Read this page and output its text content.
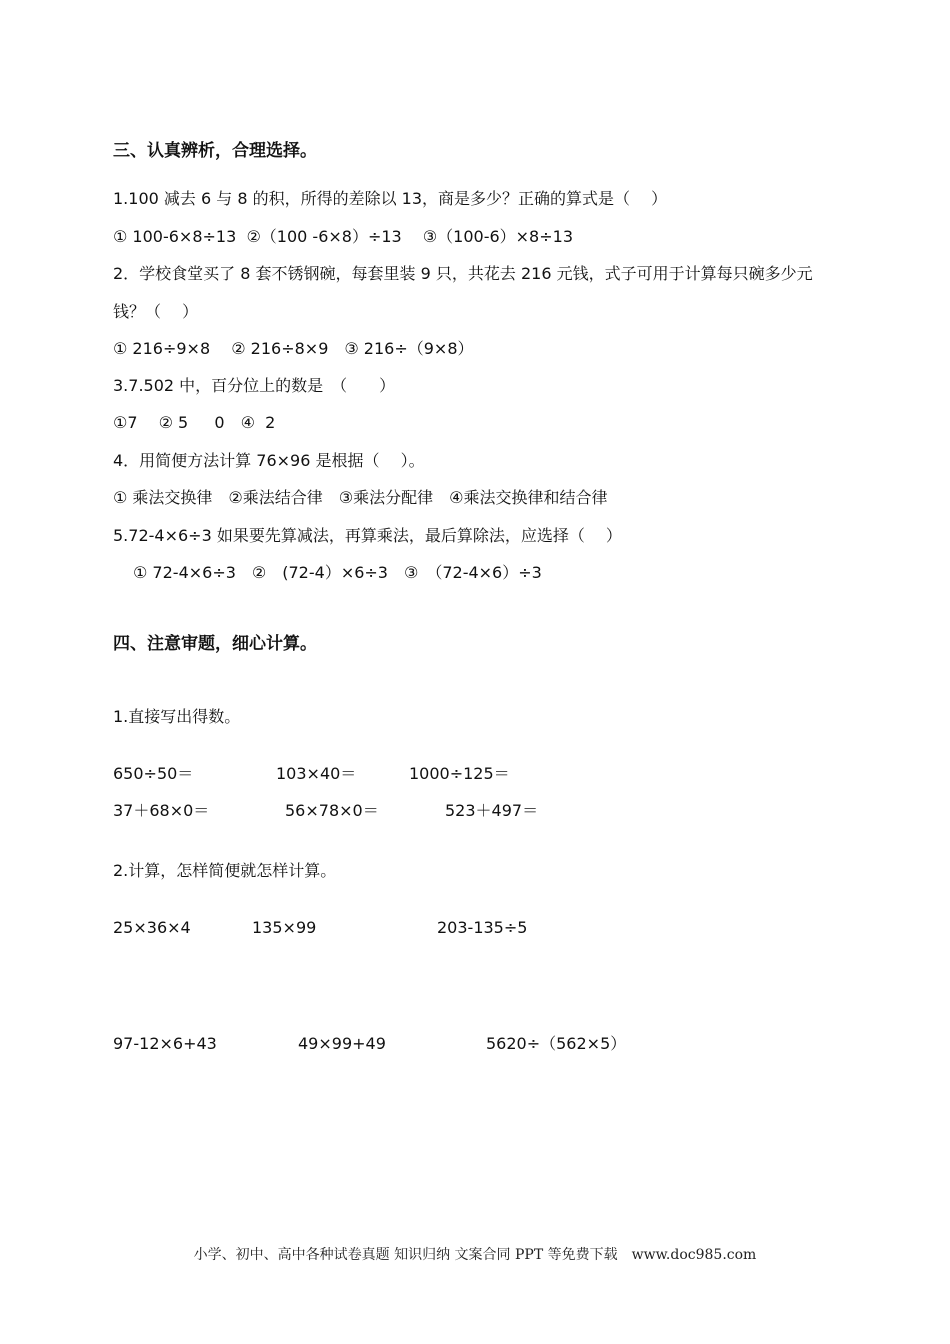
三、认真辨析，合理选择。
1.100 减去 6 与 8 的积，所得的差除以 13，商是多少？正确的算式是（　 ）
① 100-6×8÷13  ②（100 -6×8）÷13　 ③（100-6）×8÷13
2．学校食堂买了 8 套不锈钢碗，每套里装 9 只，共花去 216 元钱，式子可用于计算每只碗多少元
钱？（　 ）
① 216÷9×8　 ② 216÷8×9　③ 216÷（9×8）
3.7.502 中，百分位上的数是　（　　）
①7　 ② 5　  0　④  2
4．用简便方法计算 76×96 是根据（　 ）。
① 乘法交换律　②乘法结合律　③乘法分配律　④乘法交换律和结合律
5.72-4×6÷3 如果要先算减法，再算乘法，最后算除法，应选择（　 ）
① 72-4×6÷3　②　(72-4）×6÷3　③　（72-4×6）÷3
四、注意审题，细心计算。
1.直接写出得数。
650÷50＝	103×40＝	1000÷125＝
37＋68×0＝	56×78×0＝	523＋497＝
2.计算，怎样简便就怎样计算。
25×36×4	135×99	203-135÷5
97-12×6+43	49×99+49	5620÷（562×5）
小学、初中、高中各种试卷真题 知识归纳 文案合同 PPT 等免费下载　www.doc985.com
